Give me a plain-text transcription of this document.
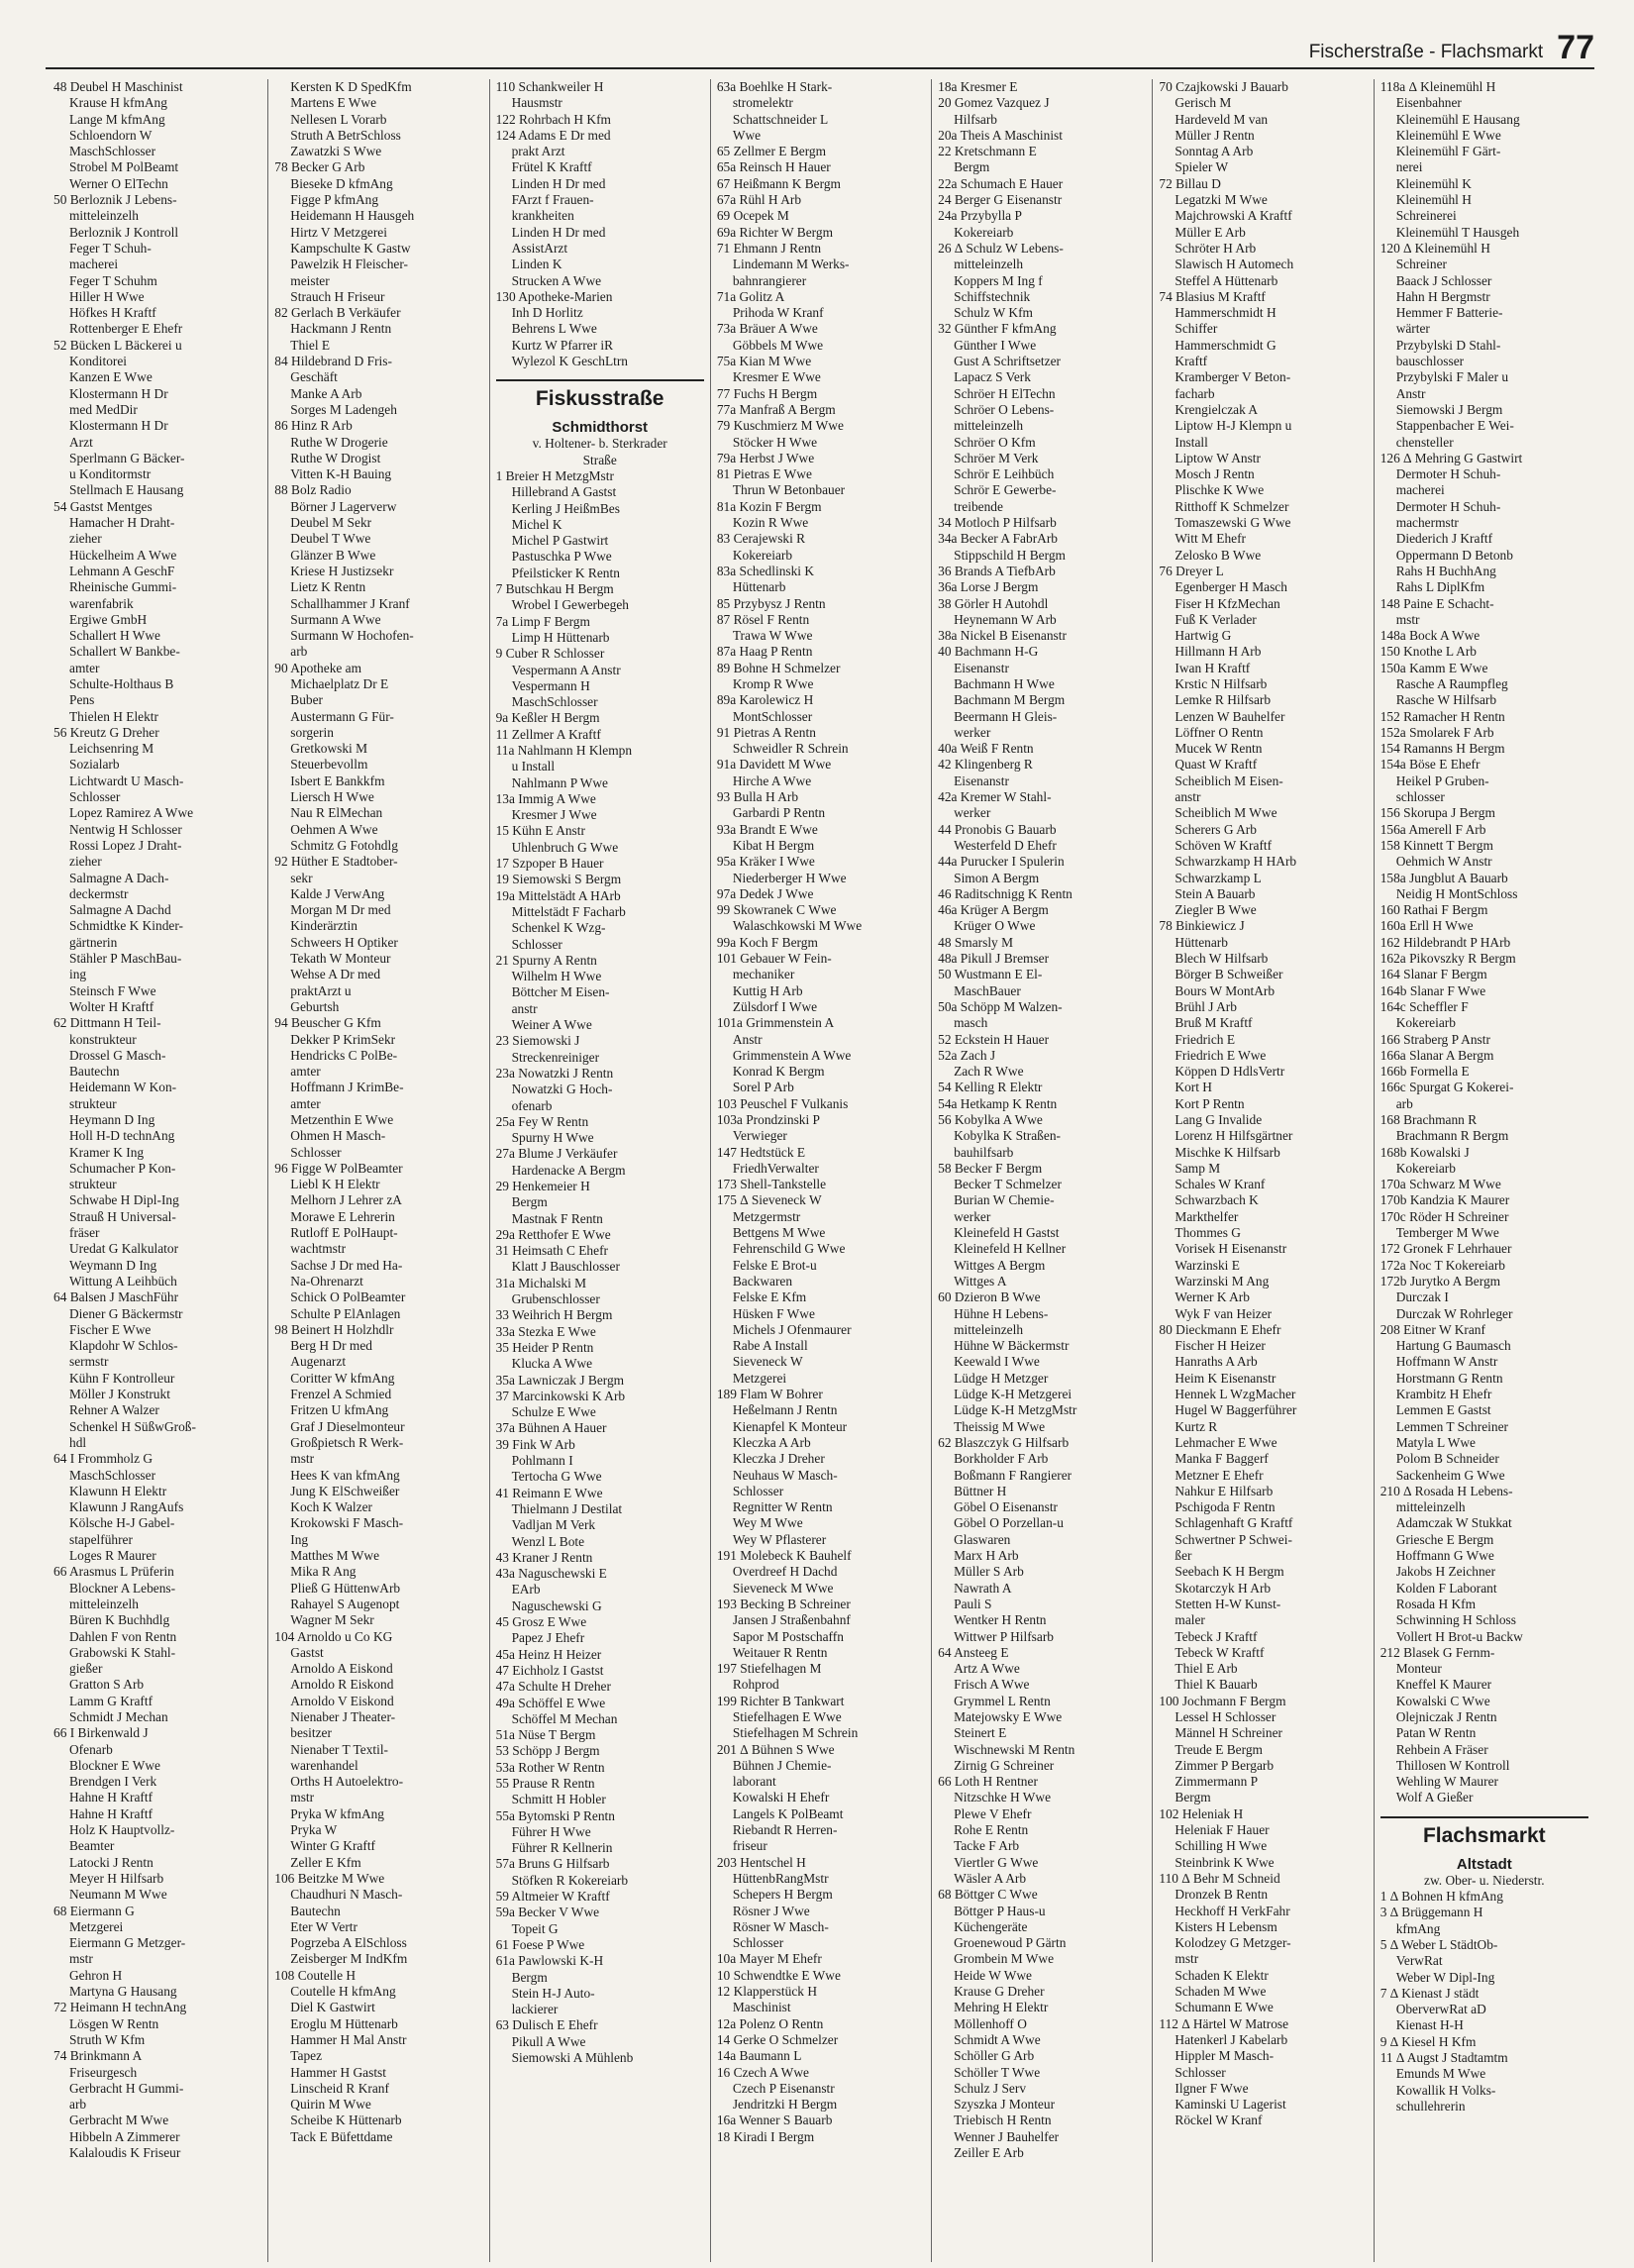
Fischerstraße - Flachsmarkt 77
48 Deubel H Maschinist
Krause H kfmAng
Lange M kfmAng
Schloendorn W
MaschSchlosser
Strobel M PolBeamt
Werner O ElTechn
50 Berloznik J Lebens-
mitteleinzelh
Berloznik J Kontroll
Feger T Schuh-
macherei
Feger T Schuhm
Hiller H Wwe
Höfkes H Kraftf
Rottenberger E Ehefr
52 Bücken L Bäckerei u
Konditorei
Kanzen E Wwe
Klostermann H Dr
med MedDir
Klostermann H Dr
Arzt
Sperlmann G Bäcker-
u Konditormstr
Stellmach E Hausang
54 Gastst Mentges
Hamacher H Draht-
zieher
Hückelheim A Wwe
Lehmann A GeschF
Rheinische Gummi-
warenfabrik
Ergiwe GmbH
Schallert H Wwe
Schallert W Bankbe-
amter
Schulte-Holthaus B
Pens
Thielen H Elektr
56 Kreutz G Dreher
Leichsenring M
Sozialarb
Lichtwardt U Masch-
Schlosser
Lopez Ramirez A Wwe
Nentwig H Schlosser
Rossi Lopez J Draht-
zieher
Salmagne A Dach-
deckermstr
Salmagne A Dachd
Schmidtke K Kinder-
gärtnerin
Stähler P MaschBau-
ing
Steinsch F Wwe
Wolter H Kraftf
62 Dittmann H Teil-
konstrukteur
Drossel G Masch-
Bautechn
Heidemann W Kon-
strukteur
Heymann D Ing
Holl H-D technAng
Kramer K Ing
Schumacher P Kon-
strukteur
Schwabe H Dipl-Ing
Strauß H Universal-
fräser
Uredat G Kalkulator
Weymann D Ing
Wittung A Leihbüch
64 Balsen J MaschFühr
Diener G Bäckermstr
Fischer E Wwe
Klapdohr W Schlos-
sermstr
Kühn F Kontrolleur
Möller J Konstrukt
Rehner A Walzer
Schenkel H SüßwGroß-
hdl
64 I Frommholz G
MaschSchlosser
Klawunn H Elektr
Klawunn J RangAufs
Kölsche H-J Gabel-
stapelführer
Loges R Maurer
66 Arasmus L Prüferin
Blockner A Lebens-
mitteleinzelh
Büren K Buchhdlg
Dahlen F von Rentn
Grabowski K Stahl-
gießer
Gratton S Arb
Lamm G Kraftf
Schmidt J Mechan
66 I Birkenwald J
Ofenarb
Blockner E Wwe
Brendgen I Verk
Hahne H Kraftf
Hahne H Kraftf
Holz K Hauptvollz-
Beamter
Latocki J Rentn
Meyer H Hilfsarb
Neumann M Wwe
68 Eiermann G
Metzgerei
Eiermann G Metzger-
mstr
Gehron H
Martyna G Hausang
72 Heimann H technAng
Lösgen W Rentn
Struth W Kfm
74 Brinkmann A
Friseurgesch
Gerbracht H Gummi-
arb
Gerbracht M Wwe
Hibbeln A Zimmerer
Kalaloudis K Friseur
Kersten K D SpedKfm
Martens E Wwe
Nellesen L Vorarb
Struth A BetrSchloss
Zawatzki S Wwe
78 Becker G Arb
Bieseke D kfmAng
Figge P kfmAng
Heidemann H Hausgeh
Hirtz V Metzgerei
Kampschulte K Gastw
Pawelzik H Fleischer-
meister
Strauch H Friseur
82 Gerlach B Verkäufer
Hackmann J Rentn
Thiel E
84 Hildebrand D Fris-
Geschäft
Manke A Arb
Sorges M Ladengeh
86 Hinz R Arb
Ruthe W Drogerie
Ruthe W Drogist
Vitten K-H Bauing
88 Bolz Radio
Börner J Lagerverw
Deubel M Sekr
Deubel T Wwe
Glänzer B Wwe
Kriese H Justizsekr
Lietz K Rentn
Schallhammer J Kranf
Surmann A Wwe
Surmann W Hochofen-
arb
90 Apotheke am
Michaelplatz Dr E
Buber
Austermann G Für-
sorgerin
Gretkowski M
Steuerbevollm
Isbert E Bankkfm
Liersch H Wwe
Nau R ElMechan
Oehmen A Wwe
Schmitz G Fotohdlg
92 Hüther E Stadtober-
sekr
Kalde J VerwAng
Morgan M Dr med
Kinderärztin
Schweers H Optiker
Tekath W Monteur
Wehse A Dr med
praktArzt u
Geburtsh
94 Beuscher G Kfm
Dekker P KrimSekr
Hendricks C PolBe-
amter
Hoffmann J KrimBe-
amter
Metzenthin E Wwe
Ohmen H Masch-
Schlosser
96 Figge W PolBeamter
Liebl K H Elektr
Melhorn J Lehrer zA
Morawe E Lehrerin
Rutloff E PolHaupt-
wachtmstr
Sachse J Dr med Ha-
Na-Ohrenarzt
Schick O PolBeamter
Schulte P ElAnlagen
98 Beinert H Holzhdlr
Berg H Dr med
Augenarzt
Coritter W kfmAng
Frenzel A Schmied
Fritzen U kfmAng
Graf J Dieselmonteur
Großpietsch R Werk-
mstr
Hees K van kfmAng
Jung K ElSchweißer
Koch K Walzer
Krokowski F Masch-
Ing
Matthes M Wwe
Mika R Ang
Pließ G HüttenwArb
Rahayel S Augenopt
Wagner M Sekr
104 Arnoldo u Co KG
Gastst
Arnoldo A Eiskond
Arnoldo R Eiskond
Arnoldo V Eiskond
Nienaber J Theater-
besitzer
Nienaber T Textil-
warenhandel
Orths H Autoelektro-
mstr
Pryka W kfmAng
Pryka W
Winter G Kraftf
Zeller E Kfm
106 Beitzke M Wwe
Chaudhuri N Masch-
Bautechn
Eter W Vertr
Pogrzeba A ElSchloss
Zeisberger M IndKfm
108 Coutelle H
Coutelle H kfmAng
Diel K Gastwirt
Eroglu M Hüttenarb
Hammer H Mal Anstr
Tapez
Hammer H Gastst
Linscheid R Kranf
Quirin M Wwe
Scheibe K Hüttenarb
Tack E Büfettdame
110 Schankweiler H
Hausmstr
122 Rohrbach H Kfm
124 Adams E Dr med
prakt Arzt
Frütel K Kraftf
Linden H Dr med
FArzt f Frauen-
krankheiten
Linden H Dr med
AssistArzt
Linden K
Strucken A Wwe
130 Apotheke-Marien
Inh D Horlitz
Behrens L Wwe
Kurtz W Pfarrer iR
Wylezol K GeschLtrn
Fiskusstraße
Schmidthorst
v. Holtener- b. Sterkrader
Straße
1 Breier H MetzgMstr
Hillebrand A Gastst
Kerling J HeißmBes
Michel K
Michel P Gastwirt
Pastuschka P Wwe
Pfeilsticker K Rentn
7 Butschkau H Bergm
Wrobel I Gewerbegeh
7a Limp F Bergm
Limp H Hüttenarb
9 Cuber R Schlosser
Vespermann A Anstr
Vespermann H
MaschSchlosser
9a Keßler H Bergm
11 Zellmer A Kraftf
11a Nahlmann H Klempn
u Install
Nahlmann P Wwe
13a Immig A Wwe
Kresmer J Wwe
15 Kühn E Anstr
Uhlenbruch G Wwe
17 Szpoper B Hauer
19 Siemowski S Bergm
19a Mittelstädt A HArb
Mittelstädt F Facharb
Schenkel K Wzg-
Schlosser
21 Spurny A Rentn
Wilhelm H Wwe
Böttcher M Eisen-
anstr
Weiner A Wwe
23 Siemowski J
Streckenreiniger
23a Nowatzki J Rentn
Nowatzki G Hoch-
ofenarb
25a Fey W Rentn
Spurny H Wwe
27a Blume J Verkäufer
Hardenacke A Bergm
29 Henkemeier H
Bergm
Mastnak F Rentn
29a Retthofer E Wwe
31 Heimsath C Ehefr
Klatt J Bauschlosser
31a Michalski M
Grubenschlosser
33 Weihrich H Bergm
33a Stezka E Wwe
35 Heider P Rentn
Klucka A Wwe
35a Lawniczak J Bergm
37 Marcinkowski K Arb
Schulze E Wwe
37a Bühnen A Hauer
39 Fink W Arb
Pohlmann I
Tertocha G Wwe
41 Reimann E Wwe
Thielmann J Destilat
Vadljan M Verk
Wenzl L Bote
43 Kraner J Rentn
43a Naguschewski E
EArb
Naguschewski G
45 Grosz E Wwe
Papez J Ehefr
45a Heinz H Heizer
47 Eichholz I Gastst
47a Schulte H Dreher
49a Schöffel E Wwe
Schöffel M Mechan
51a Nüse T Bergm
53 Schöpp J Bergm
53a Rother W Rentn
55 Prause R Rentn
Schmitt H Hobler
55a Bytomski P Rentn
Führer H Wwe
Führer R Kellnerin
57a Bruns G Hilfsarb
Stöfken R Kokereiarb
59 Altmeier W Kraftf
59a Becker V Wwe
Topeit G
61 Foese P Wwe
61a Pawlowski K-H
Bergm
Stein H-J Auto-
lackierer
63 Dulisch E Ehefr
Pikull A Wwe
Siemowski A Mühlenb
63a Boehlke H Stark-
stromelektr
Schattschneider L
Wwe
65 Zellmer E Bergm
65a Reinsch H Hauer
67 Heißmann K Bergm
67a Rühl H Arb
69 Ocepek M
69a Richter W Bergm
71 Ehmann J Rentn
Lindemann M Werks-
bahnrangierer
71a Golitz A
Prihoda W Kranf
73a Bräuer A Wwe
Göbbels M Wwe
75a Kian M Wwe
Kresmer E Wwe
77 Fuchs H Bergm
77a Manfraß A Bergm
79 Kuschmierz M Wwe
Stöcker H Wwe
79a Herbst J Wwe
81 Pietras E Wwe
Thrun W Betonbauer
81a Kozin F Bergm
Kozin R Wwe
83 Cerajewski R
Kokereiarb
83a Schedlinski K
Hüttenarb
85 Przybysz J Rentn
87 Rösel F Rentn
Trawa W Wwe
87a Haag P Rentn
89 Bohne H Schmelzer
Kromp R Wwe
89a Karolewicz H
MontSchlosser
91 Pietras A Rentn
Schweidler R Schrein
91a Davidett M Wwe
Hirche A Wwe
93 Bulla H Arb
Garbardi P Rentn
93a Brandt E Wwe
Kibat H Bergm
95a Kräker I Wwe
Niederberger H Wwe
97a Dedek J Wwe
99 Skowranek C Wwe
Walaschkowski M Wwe
99a Koch F Bergm
101 Gebauer W Fein-
mechaniker
Kuttig H Arb
Zülsdorf I Wwe
101a Grimmenstein A
Anstr
Grimmenstein A Wwe
Konrad K Bergm
Sorel P Arb
103 Peuschel F Vulkanis
103a Prondzinski P
Verwieger
147 Hedtstück E
FriedhVerwalter
173 Shell-Tankstelle
175 ∆ Sieveneck W
Metzgermstr
Bettgens M Wwe
Fehrenschild G Wwe
Felske E Brot-u
Backwaren
Felske E Kfm
Hüsken F Wwe
Michels J Ofenmaurer
Rabe A Install
Sieveneck W
Metzgerei
189 Flam W Bohrer
Heßelmann J Rentn
Kienapfel K Monteur
Kleczka A Arb
Kleczka J Dreher
Neuhaus W Masch-
Schlosser
Regnitter W Rentn
Wey M Wwe
Wey W Pflasterer
191 Molebeck K Bauhelf
Overdreef H Dachd
Sieveneck M Wwe
193 Becking B Schreiner
Jansen J Straßenbahnf
Sapor M Postschaffn
Weitauer R Rentn
197 Stiefelhagen M
Rohprod
199 Richter B Tankwart
Stiefelhagen E Wwe
Stiefelhagen M Schrein
201 ∆ Bühnen S Wwe
Bühnen J Chemie-
laborant
Kowalski H Ehefr
Langels K PolBeamt
Riebandt R Herren-
friseur
203 Hentschel H
HüttenbRangMstr
Schepers H Bergm
Rösner J Wwe
Rösner W Masch-
Schlosser
10a Mayer M Ehefr
10 Schwendtke E Wwe
12 Klapperstück H
Maschinist
12a Polenz O Rentn
14 Gerke O Schmelzer
14a Baumann L
16 Czech A Wwe
Czech P Eisenanstr
Jendritzki H Bergm
16a Wenner S Bauarb
18 Kiradi I Bergm
18a Kresmer E
20 Gomez Vazquez J
Hilfsarb
20a Theis A Maschinist
22 Kretschmann E
Bergm
22a Schumach E Hauer
24 Berger G Eisenanstr
24a Przybylla P
Kokereiarb
26 ∆ Schulz W Lebens-
mitteleinzelh
Koppers M Ing f
Schiffstechnik
Schulz W Kfm
32 Günther F kfmAng
Günther I Wwe
Gust A Schriftsetzer
Lapacz S Verk
Schröer H ElTechn
Schröer O Lebens-
mitteleinzelh
Schröer O Kfm
Schröer M Verk
Schrör E Leihbüch
Schrör E Gewerbe-
treibende
34 Motloch P Hilfsarb
34a Becker A FabrArb
Stippschild H Bergm
36 Brands A TiefbArb
36a Lorse J Bergm
38 Görler H Autohdl
Heynemann W Arb
38a Nickel B Eisenanstr
40 Bachmann H-G
Eisenanstr
Bachmann H Wwe
Bachmann M Bergm
Beermann H Gleis-
werker
40a Weiß F Rentn
42 Klingenberg R
Eisenanstr
42a Kremer W Stahl-
werker
44 Pronobis G Bauarb
Westerfeld D Ehefr
44a Purucker I Spulerin
Simon A Bergm
46 Raditschnigg K Rentn
46a Krüger A Bergm
Krüger O Wwe
48 Smarsly M
48a Pikull J Bremser
50 Wustmann E El-
MaschBauer
50a Schöpp M Walzen-
masch
52 Eckstein H Hauer
52a Zach J
Zach R Wwe
54 Kelling R Elektr
54a Hetkamp K Rentn
56 Kobylka A Wwe
Kobylka K Straßen-
bauhilfsarb
58 Becker F Bergm
Becker T Schmelzer
Burian W Chemie-
werker
Kleinefeld H Gastst
Kleinefeld H Kellner
Wittges A Bergm
Wittges A
60 Dzieron B Wwe
Hühne H Lebens-
mitteleinzelh
Hühne W Bäckermstr
Keewald I Wwe
Lüdge H Metzger
Lüdge K-H Metzgerei
Lüdge K-H MetzgMstr
Theissig M Wwe
62 Blaszczyk G Hilfsarb
Borkholder F Arb
Boßmann F Rangierer
Büttner H
Göbel O Eisenanstr
Göbel O Porzellan-u
Glaswaren
Marx H Arb
Müller S Arb
Nawrath A
Pauli S
Wentker H Rentn
Wittwer P Hilfsarb
64 Ansteeg E
Artz A Wwe
Frisch A Wwe
Grymmel L Rentn
Matejowsky E Wwe
Steinert E
Wischnewski M Rentn
Zirnig G Schreiner
66 Loth H Rentner
Nitzschke H Wwe
Plewe V Ehefr
Rohe E Rentn
Tacke F Arb
Viertler G Wwe
Wäsler A Arb
68 Böttger C Wwe
Böttger P Haus-u
Küchengeräte
Groenewoud P Gärtn
Grombein M Wwe
Heide W Wwe
Krause G Dreher
Mehring H Elektr
Möllenhoff O
Schmidt A Wwe
Schöller G Arb
Schöller T Wwe
Schulz J Serv
Szyszka J Monteur
Triebisch H Rentn
Wenner J Bauhelfer
Zeiller E Arb
70 Czajkowski J Bauarb
Gerisch M
Hardeveld M van
Müller J Rentn
Sonntag A Arb
Spieler W
72 Billau D
Legatzki M Wwe
Majchrowski A Kraftf
Müller E Arb
Schröter H Arb
Slawisch H Automech
Steffel A Hüttenarb
74 Blasius M Kraftf
Hammerschmidt H
Schiffer
Hammerschmidt G
Kraftf
Kramberger V Beton-
facharb
Krengielczak A
Liptow H-J Klempn u
Install
Liptow W Anstr
Mosch J Rentn
Plischke K Wwe
Ritthoff K Schmelzer
Tomaszewski G Wwe
Witt M Ehefr
Zelosko B Wwe
76 Dreyer L
Egenberger H Masch
Fiser H KfzMechan
Fuß K Verlader
Hartwig G
Hillmann H Arb
Iwan H Kraftf
Krstic N Hilfsarb
Lemke R Hilfsarb
Lenzen W Bauhelfer
Löffner O Rentn
Mucek W Rentn
Quast W Kraftf
Scheiblich M Eisen-
anstr
Scheiblich M Wwe
Scherers G Arb
Schöven W Kraftf
Schwarzkamp H HArb
Schwarzkamp L
Stein A Bauarb
Ziegler B Wwe
78 Binkiewicz J
Hüttenarb
Blech W Hilfsarb
Börger B Schweißer
Bours W MontArb
Brühl J Arb
Bruß M Kraftf
Friedrich E
Friedrich E Wwe
Köppen D HdlsVertr
Kort H
Kort P Rentn
Lang G Invalide
Lorenz H Hilfsgärtner
Mischke K Hilfsarb
Samp M
Schales W Kranf
Schwarzbach K
Markthelfer
Thommes G
Vorisek H Eisenanstr
Warzinski E
Warzinski M Ang
Werner K Arb
Wyk F van Heizer
80 Dieckmann E Ehefr
Fischer H Heizer
Hanraths A Arb
Heim K Eisenanstr
Hennek L WzgMacher
Hugel W Baggerführer
Kurtz R
Lehmacher E Wwe
Manka F Baggerf
Metzner E Ehefr
Nahkur E Hilfsarb
Pschigoda F Rentn
Schlagenhaft G Kraftf
Schwertner P Schwei-
ßer
Seebach K H Bergm
Skotarczyk H Arb
Stetten H-W Kunst-
maler
Tebeck J Kraftf
Tebeck W Kraftf
Thiel E Arb
Thiel K Bauarb
100 Jochmann F Bergm
Lessel H Schlosser
Männel H Schreiner
Treude E Bergm
Zimmer P Bergarb
Zimmermann P
Bergm
102 Heleniak H
Heleniak F Hauer
Schilling H Wwe
Steinbrink K Wwe
110 ∆ Behr M Schneid
Dronzek B Rentn
Heckhoff H VerkFahr
Kisters H Lebensm
Kolodzey G Metzger-
mstr
Schaden K Elektr
Schaden M Wwe
Schumann E Wwe
112 ∆ Härtel W Matrose
Hatenkerl J Kabelarb
Hippler M Masch-
Schlosser
Ilgner F Wwe
Kaminski U Lagerist
Röckel W Kranf
118a ∆ Kleinemühl H
Eisenbahner
Kleinemühl E Hausang
Kleinemühl E Wwe
Kleinemühl F Gärt-
nerei
Kleinemühl K
Kleinemühl H
Schreinerei
Kleinemühl T Hausgeh
120 ∆ Kleinemühl H
Schreiner
Baack J Schlosser
Hahn H Bergmstr
Hemmer F Batterie-
wärter
Przybylski D Stahl-
bauschlosser
Przybylski F Maler u
Anstr
Siemowski J Bergm
Stappenbacher E Wei-
chensteller
126 ∆ Mehring G Gastwirt
Dermoter H Schuh-
macherei
Dermoter H Schuh-
machermstr
Diederich J Kraftf
Oppermann D Betonb
Rahs H BuchhAng
Rahs L DiplKfm
148 Paine E Schacht-
mstr
148a Bock A Wwe
150 Knothe L Arb
150a Kamm E Wwe
Rasche A Raumpfleg
Rasche W Hilfsarb
152 Ramacher H Rentn
152a Smolarek F Arb
154 Ramanns H Bergm
154a Böse E Ehefr
Heikel P Gruben-
schlosser
156 Skorupa J Bergm
156a Amerell F Arb
158 Kinnett T Bergm
Oehmich W Anstr
158a Jungblut A Bauarb
Neidig H MontSchloss
160 Rathai F Bergm
160a Erll H Wwe
162 Hildebrandt P HArb
162a Pikovszky R Bergm
164 Slanar F Bergm
164b Slanar F Wwe
164c Scheffler F
Kokereiarb
166 Straberg P Anstr
166a Slanar A Bergm
166b Formella E
166c Spurgat G Kokerei-
arb
168 Brachmann R
Brachmann R Bergm
168b Kowalski J
Kokereiarb
170a Schwarz M Wwe
170b Kandzia K Maurer
170c Röder H Schreiner
Temberger M Wwe
172 Gronek F Lehrhauer
172a Noc T Kokereiarb
172b Jurytko A Bergm
Durczak I
Durczak W Rohrleger
208 Eitner W Kranf
Hartung G Baumasch
Hoffmann W Anstr
Horstmann G Rentn
Krambitz H Ehefr
Lemmen E Gastst
Lemmen T Schreiner
Matyla L Wwe
Polom B Schneider
Sackenheim G Wwe
210 ∆ Rosada H Lebens-
mitteleinzelh
Adamczak W Stukkat
Griesche E Bergm
Hoffmann G Wwe
Jakobs H Zeichner
Kolden F Laborant
Rosada H Kfm
Schwinning H Schloss
Vollert H Brot-u Backw
212 Blasek G Fernm-
Monteur
Kneffel K Maurer
Kowalski C Wwe
Olejniczak J Rentn
Patan W Rentn
Rehbein A Fräser
Thillosen W Kontroll
Wehling W Maurer
Wolf A Gießer
Flachsmarkt
Altstadt
zw. Ober- u. Niederstr.
1 ∆ Bohnen H kfmAng
3 ∆ Brüggemann H
kfmAng
5 ∆ Weber L StädtOb-
VerwRat
Weber W Dipl-Ing
7 ∆ Kienast J städt
OberverwRat aD
Kienast H-H
9 ∆ Kiesel H Kfm
11 ∆ Augst J Stadtamtm
Emunds M Wwe
Kowallik H Volks-
schullehrerin
